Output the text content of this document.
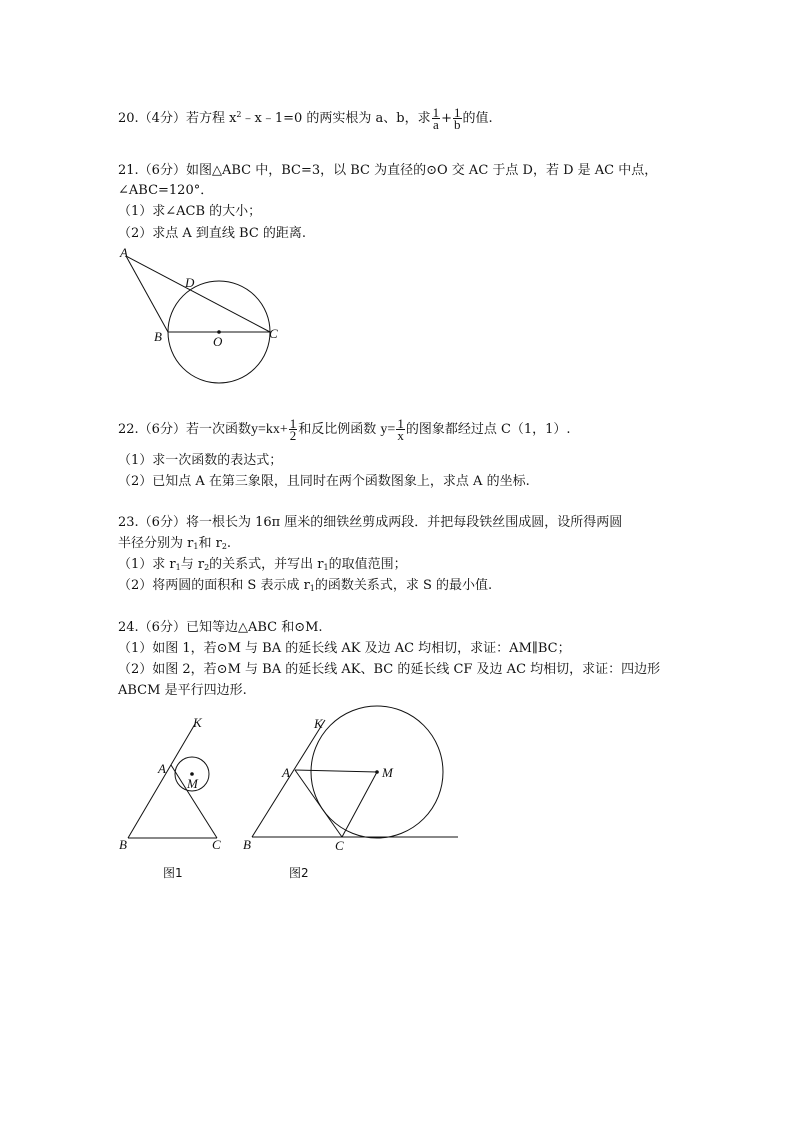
20.（4分）若方程 $x^2﹣x﹣1=0$ 的两实根为 a、b，求 $\frac{1}{a} + \frac{1}{b}$ 的值.
21.（6分）如图△ABC 中，BC=3，以 BC 为直径的⊙O 交 AC 于点 D，若 D 是 AC 中点，
∠ABC=120°．
（1）求∠ACB 的大小；
（2）求点 A 到直线 BC 的距离.
A
D
B	O
C
22.（6分）若一次函数$y=kx+ \frac{1}{2}$ 和反比例函数 $y= \frac{1}{x}$ 的图象都经过点 C（1，1）.
（1）求一次函数的表达式；
（2）已知点 A 在第三象限，且同时在两个函数图象上，求点 A 的坐标.
23.（6分）将一根长为 16π 厘米的细铁丝剪成两段．并把每段铁丝围成圆，设所得两圆
半径分别为 $r_1$和 $r_2$.
（1）求 $r_1$与 $r_2$的关系式，并写出 $r_1$的取值范围；
（2）将两圆的面积和 S 表示成 $r_1$的函数关系式，求 S 的最小值.
24.（6分）已知等边△ABC 和⊙M.
（1）如图 1，若⊙M 与 BA 的延长线 AK 及边 AC 均相切，求证：AM∥BC；
（2）如图 2，若⊙M 与 BA 的延长线 AK、BC 的延长线 CF 及边 AC 均相切，求证：四边形
ABCM 是平行四边形.
K
A
M
B	C
图1
K
A	M
B	C
图2
